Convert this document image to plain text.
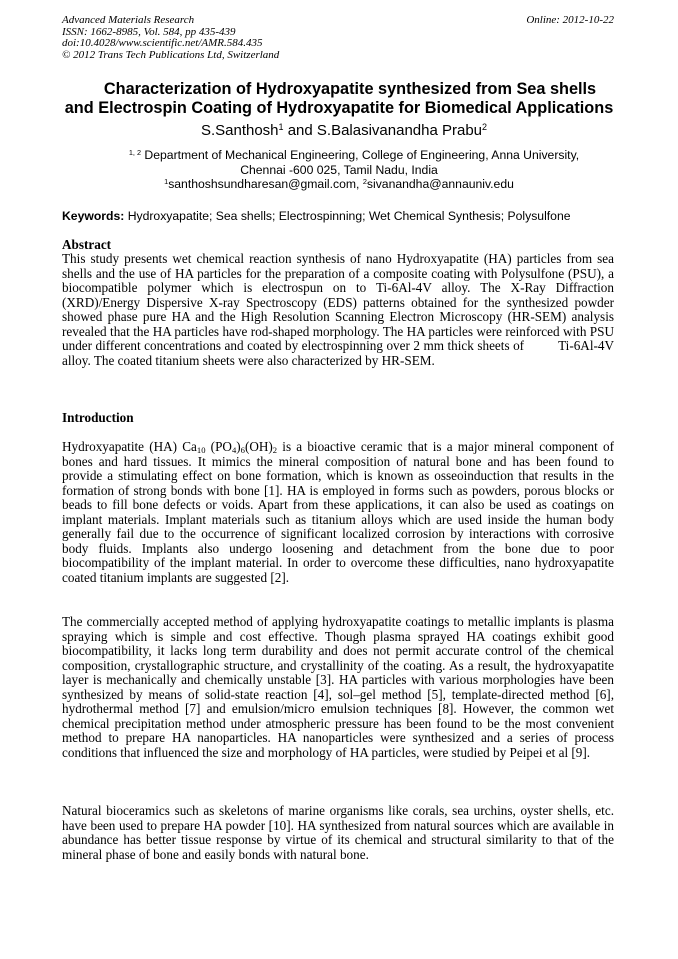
Advanced Materials Research
ISSN: 1662-8985, Vol. 584, pp 435-439
doi:10.4028/www.scientific.net/AMR.584.435
© 2012 Trans Tech Publications Ltd, Switzerland
Online: 2012-10-22
Characterization of Hydroxyapatite synthesized from Sea shells
and Electrospin Coating of Hydroxyapatite for Biomedical Applications
S.Santhosh$^1$ and S.Balasivanandha Prabu$^2$
$^{1, 2}$ Department of Mechanical Engineering, College of Engineering, Anna University,
Chennai -600 025, Tamil Nadu, India
$^1$santhoshsundharesan@gmail.com, $^2$sivanandha@annauniv.edu
Keywords: Hydroxyapatite; Sea shells; Electrospinning; Wet Chemical Synthesis; Polysulfone
Abstract

This study presents wet chemical reaction synthesis of nano Hydroxyapatite (HA) particles from sea shells and the use of HA particles for the preparation of a composite coating with Polysulfone (PSU), a biocompatible polymer which is electrospun on to Ti-6Al-4V alloy. The X-Ray Diffraction (XRD)/Energy Dispersive X-ray Spectroscopy (EDS) patterns obtained for the synthesized powder showed phase pure HA and the High Resolution Scanning Electron Microscopy (HR-SEM) analysis revealed that the HA particles have rod-shaped morphology. The HA particles were reinforced with PSU under different concentrations and coated by electrospinning over 2 mm thick sheets of	Ti-6Al-4V alloy. The coated titanium sheets were also characterized by HR-SEM.

Introduction

Hydroxyapatite (HA) $Ca_{10}$ $(PO_4)_6(OH)_2$ is a bioactive ceramic that is a major mineral component of bones and hard tissues. It mimics the mineral composition of natural bone and has been found to provide a stimulating effect on bone formation, which is known as osseoinduction that results in the formation of strong bonds with bone [1]. HA is employed in forms such as powders, porous blocks or beads to fill bone defects or voids. Apart from these applications, it can also be used as coatings on implant materials. Implant materials such as titanium alloys which are used inside the human body generally fail due to the occurrence of significant localized corrosion by interactions with corrosive body fluids. Implants also undergo loosening and detachment from the bone due to poor biocompatibility of the implant material. In order to overcome these difficulties, nano hydroxyapatite coated titanium implants are suggested [2].

The commercially accepted method of applying hydroxyapatite coatings to metallic implants is plasma spraying which is simple and cost effective. Though plasma sprayed HA coatings exhibit good biocompatibility, it lacks long term durability and does not permit accurate control of the chemical composition, crystallographic structure, and crystallinity of the coating. As a result, the hydroxyapatite layer is mechanically and chemically unstable [3]. HA particles with various morphologies have been synthesized by means of solid-state reaction [4], sol–gel method [5], template-directed method [6], hydrothermal method [7] and emulsion/micro emulsion techniques [8]. However, the common wet chemical precipitation method under atmospheric pressure has been found to be the most convenient method to prepare HA nanoparticles. HA nanoparticles were synthesized and a series of process conditions that influenced the size and morphology of HA particles, were studied by Peipei et al [9].

Natural bioceramics such as skeletons of marine organisms like corals, sea urchins, oyster shells, etc. have been used to prepare HA powder [10]. HA synthesized from natural sources which are available in abundance has better tissue response by virtue of its chemical and structural similarity to that of the mineral phase of bone and easily bonds with natural bone.
